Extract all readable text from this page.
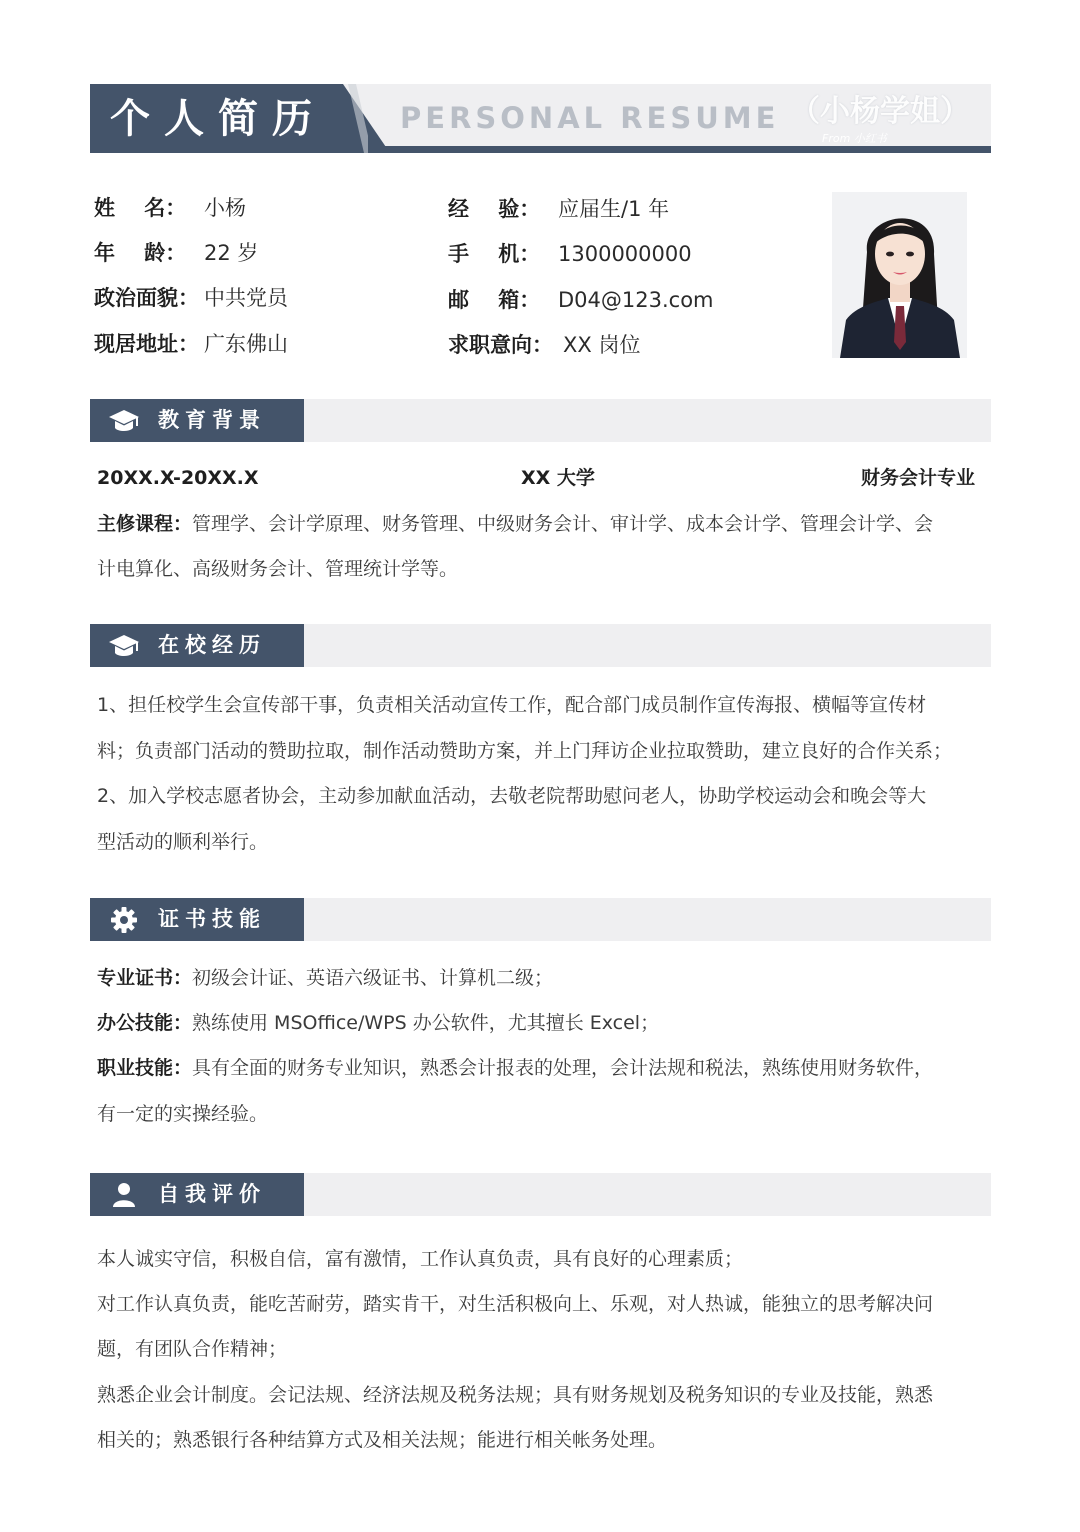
个人简历	PERSONAL RESUME （小杨学姐）
From 小红书
姓    名： 小杨
年    龄： 22 岁
政治面貌： 中共党员
现居地址： 广东佛山
经    验： 应届生/1 年
手    机： 1300000000
邮    箱： D04@123.com
求职意向： XX 岗位
教育背景
20XX.X-20XX.X	XX 大学	财务会计专业
主修课程：管理学、会计学原理、财务管理、中级财务会计、审计学、成本会计学、管理会计学、会
计电算化、高级财务会计、管理统计学等。
在校经历
1、担任校学生会宣传部干事，负责相关活动宣传工作，配合部门成员制作宣传海报、横幅等宣传材
料；负责部门活动的赞助拉取，制作活动赞助方案，并上门拜访企业拉取赞助，建立良好的合作关系；
2、加入学校志愿者协会，主动参加献血活动，去敬老院帮助慰问老人，协助学校运动会和晚会等大
型活动的顺利举行。
证书技能
专业证书：初级会计证、英语六级证书、计算机二级；
办公技能：熟练使用 MSOffice/WPS 办公软件，尤其擅长 Excel；
职业技能：具有全面的财务专业知识，熟悉会计报表的处理，会计法规和税法，熟练使用财务软件，
有一定的实操经验。
自我评价
本人诚实守信，积极自信，富有激情，工作认真负责，具有良好的心理素质；
对工作认真负责，能吃苦耐劳，踏实肯干，对生活积极向上、乐观，对人热诚，能独立的思考解决问
题，有团队合作精神；
熟悉企业会计制度。会记法规、经济法规及税务法规；具有财务规划及税务知识的专业及技能，熟悉
相关的；熟悉银行各种结算方式及相关法规；能进行相关帐务处理。
